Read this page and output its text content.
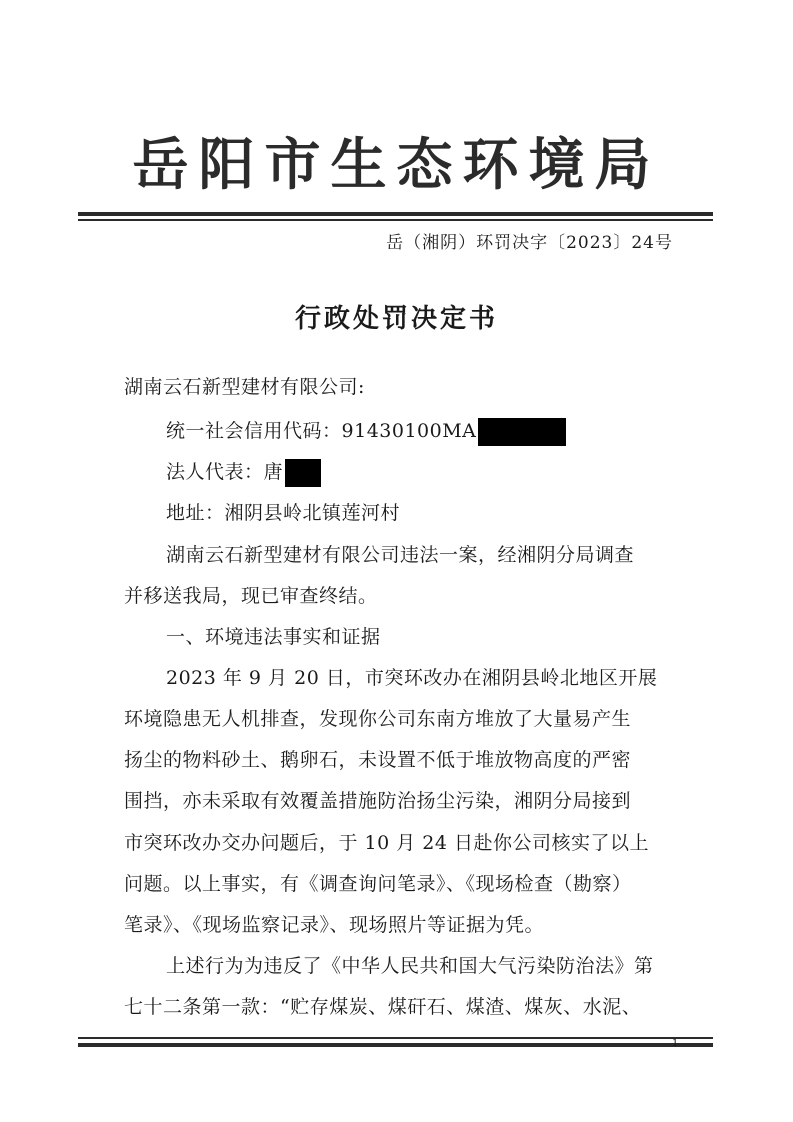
岳阳市生态环境局
岳（湘阴）环罚决字〔2023〕24号
行政处罚决定书
湖南云石新型建材有限公司:
统一社会信用代码：91430100MA
法人代表：唐
地址：湘阴县岭北镇莲河村
湖南云石新型建材有限公司违法一案，经湘阴分局调查
并移送我局，现已审查终结。
一、环境违法事实和证据
2023 年 9 月 20 日，市突环改办在湘阴县岭北地区开展
环境隐患无人机排查，发现你公司东南方堆放了大量易产生
扬尘的物料砂土、鹅卵石，未设置不低于堆放物高度的严密
围挡，亦未采取有效覆盖措施防治扬尘污染，湘阴分局接到
市突环改办交办问题后，于 10 月 24 日赴你公司核实了以上
问题。以上事实，有《调查询问笔录》、《现场检查（勘察）
笔录》、《现场监察记录》、现场照片等证据为凭。
上述行为为违反了《中华人民共和国大气污染防治法》第
七十二条第一款：“贮存煤炭、煤矸石、煤渣、煤灰、水泥、
1
